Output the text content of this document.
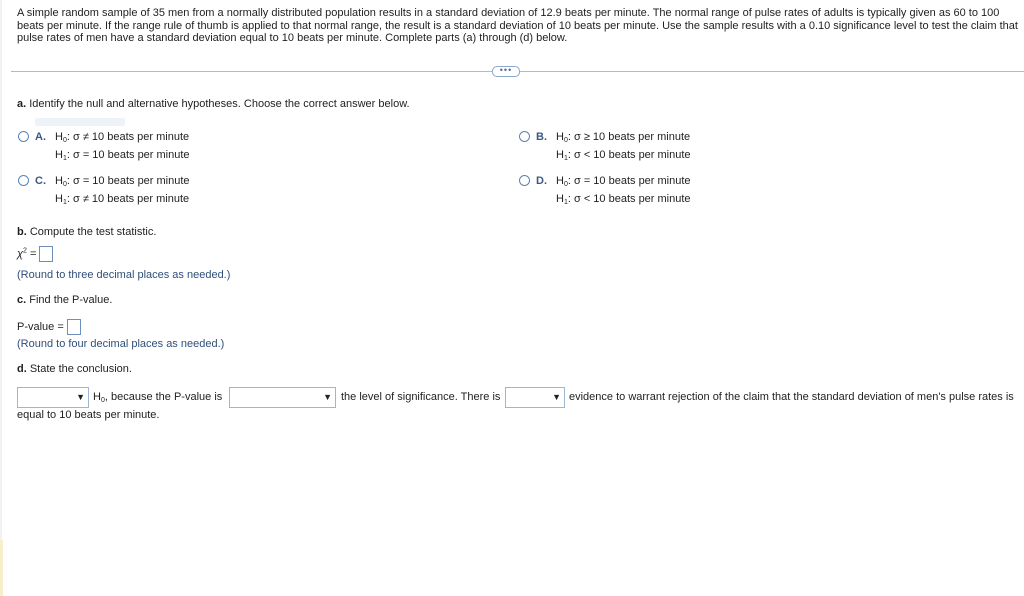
A simple random sample of 35 men from a normally distributed population results in a standard deviation of 12.9 beats per minute. The normal range of pulse rates of adults is typically given as 60 to 100 beats per minute. If the range rule of thumb is applied to that normal range, the result is a standard deviation of 10 beats per minute. Use the sample results with a 0.10 significance level to test the claim that pulse rates of men have a standard deviation equal to 10 beats per minute. Complete parts (a) through (d) below.
•••
a. Identify the null and alternative hypotheses. Choose the correct answer below.
A. $H_0$: σ ≠ 10 beats per minute
$H_1$: σ = 10 beats per minute
B. $H_0$: σ ≥ 10 beats per minute
$H_1$: σ < 10 beats per minute
C. $H_0$: σ = 10 beats per minute
$H_1$: σ ≠ 10 beats per minute
D. $H_0$: σ = 10 beats per minute
$H_1$: σ < 10 beats per minute
b. Compute the test statistic.
$\chi^2$ =
(Round to three decimal places as needed.)
c. Find the P-value.
P-value =
(Round to four decimal places as needed.)
d. State the conclusion.
▼ $H_0$, because the P-value is	▼ the level of significance. There is	▼ evidence to warrant rejection of the claim that the standard deviation of men's pulse rates is
equal to 10 beats per minute.
